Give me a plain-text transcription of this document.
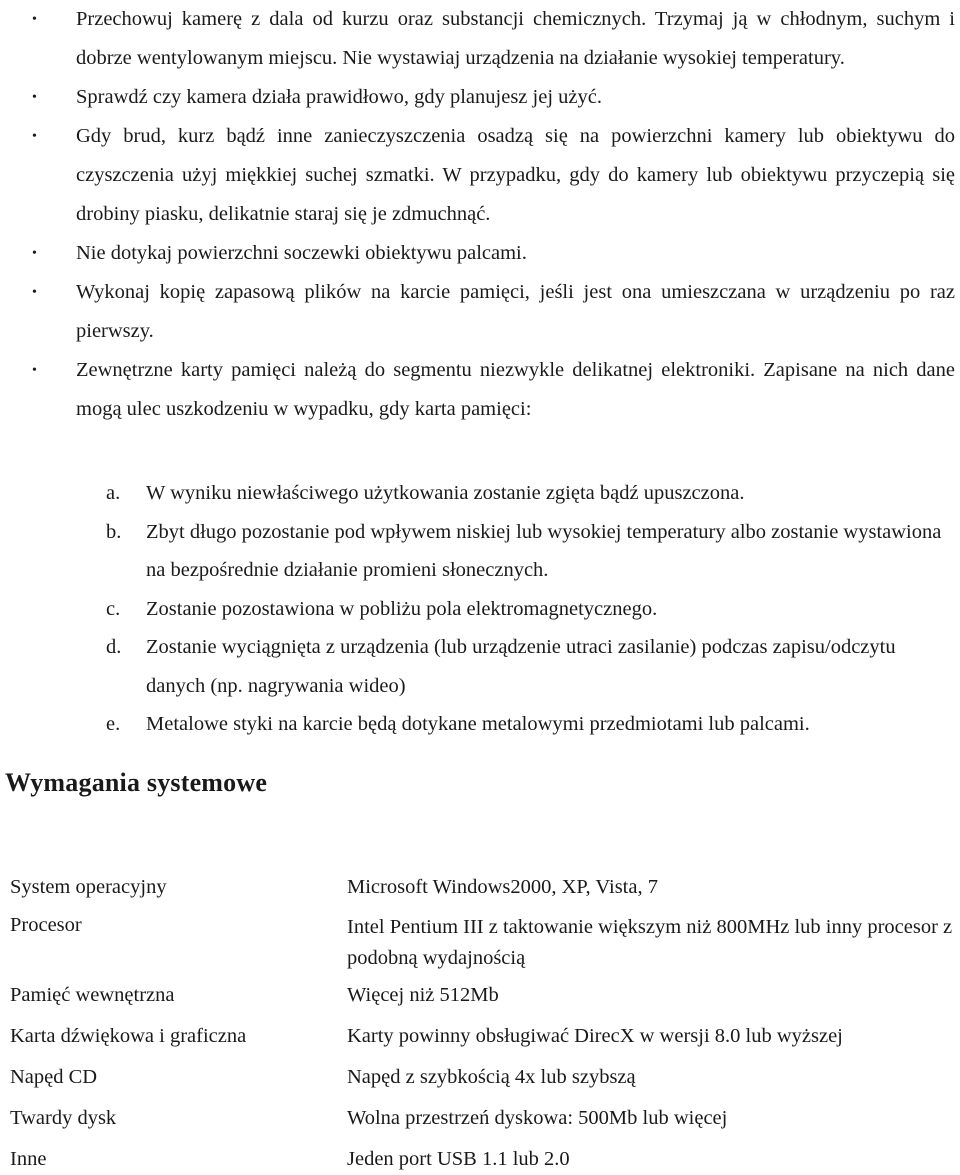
• Przechowuj kamerę z dala od kurzu oraz substancji chemicznych. Trzymaj ją w chłodnym, suchym i dobrze wentylowanym miejscu. Nie wystawiaj urządzenia na działanie wysokiej temperatury.
• Sprawdź czy kamera działa prawidłowo, gdy planujesz jej użyć.
• Gdy brud, kurz bądź inne zanieczyszczenia osadzą się na powierzchni kamery lub obiektywu do czyszczenia użyj miękkiej suchej szmatki. W przypadku, gdy do kamery lub obiektywu przyczepią się drobiny piasku, delikatnie staraj się je zdmuchnąć.
• Nie dotykaj powierzchni soczewki obiektywu palcami.
• Wykonaj kopię zapasową plików na karcie pamięci, jeśli jest ona umieszczana w urządzeniu po raz pierwszy.
• Zewnętrzne karty pamięci należą do segmentu niezwykle delikatnej elektroniki. Zapisane na nich dane mogą ulec uszkodzeniu w wypadku, gdy karta pamięci:
a. W wyniku niewłaściwego użytkowania zostanie zgięta bądź upuszczona.
b. Zbyt długo pozostanie pod wpływem niskiej lub wysokiej temperatury albo zostanie wystawiona na bezpośrednie działanie promieni słonecznych.
c. Zostanie pozostawiona w pobliżu pola elektromagnetycznego.
d. Zostanie wyciągnięta z urządzenia (lub urządzenie utraci zasilanie) podczas zapisu/odczytu danych (np. nagrywania wideo)
e. Metalowe styki na karcie będą dotykane metalowymi przedmiotami lub palcami.
Wymagania systemowe
System operacyjny	Microsoft Windows2000, XP, Vista, 7
Procesor	Intel Pentium III z taktowanie większym niż 800MHz lub inny procesor z podobną wydajnością
Pamięć wewnętrzna	Więcej niż 512Mb
Karta dźwiękowa i graficzna	Karty powinny obsługiwać DirecX w wersji 8.0 lub wyższej
Napęd CD	Napęd z szybkością 4x lub szybszą
Twardy dysk	Wolna przestrzeń dyskowa: 500Mb lub więcej
Inne	Jeden port USB 1.1 lub 2.0
